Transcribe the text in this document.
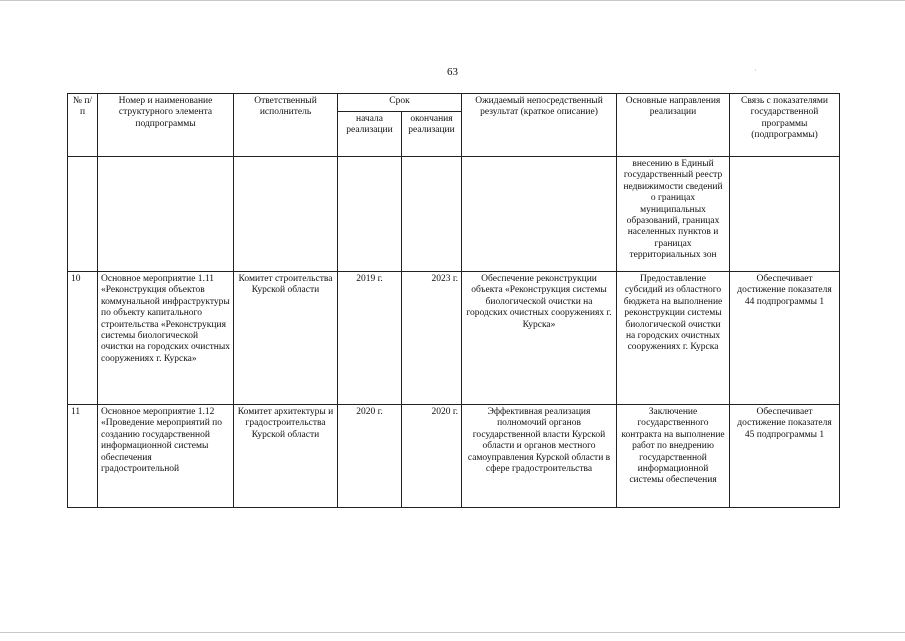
63	·
№ п/п	Номер и наименование структурного элемента подпрограммы	Ответственный исполнитель	Срок		Ожидаемый непосредственный результат (краткое описание)	Основные направления реализации	Связь с показателями государственной программы (подпрограммы)
			начала реализации	окончания реализации			
						внесению в Единый государственный реестр недвижимости сведений о границах муниципальных образований, границах населенных пунктов и границах территориальных зон	
10	Основное мероприятие 1.11 «Реконструкция объектов коммунальной инфраструктуры по объекту капитального строительства «Реконструкция системы биологической очистки на городских очистных сооружениях г. Курска»	Комитет строительства Курской области	2019 г.	2023 г.	Обеспечение реконструкции объекта «Реконструкция системы биологической очистки на городских очистных сооружениях г. Курска»	Предоставление субсидий из областного бюджета на выполнение реконструкции системы биологической очистки на городских очистных сооружениях г. Курска	Обеспечивает достижение показателя 44 подпрограммы 1
11	Основное мероприятие 1.12 «Проведение мероприятий по созданию государственной информационной системы обеспечения градостроительной	Комитет архитектуры и градостроительства Курской области	2020 г.	2020 г.	Эффективная реализация полномочий органов государственной власти Курской области и органов местного самоуправления Курской области в сфере градостроительства	Заключение государственного контракта на выполнение работ по внедрению государственной информационной системы обеспечения	Обеспечивает достижение показателя 45 подпрограммы 1
